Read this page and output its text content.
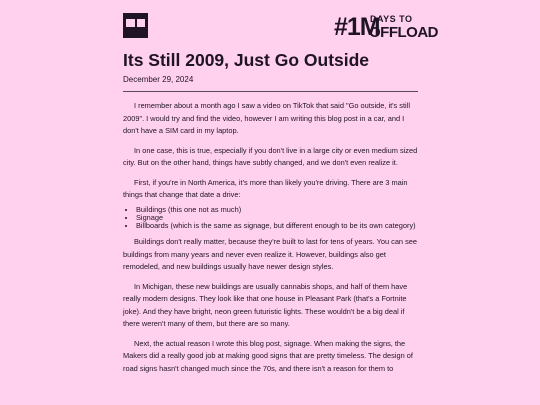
#1M
DAYS TO
OFFLOAD
Its Still 2009, Just Go Outside
December 29, 2024

I remember about a month ago I saw a video on TikTok that said "Go outside, it's still 2009". I would try and find the video, however I am writing this blog post in a car, and I don't have a SIM card in my laptop.

In one case, this is true, especially if you don't live in a large city or even medium sized city. But on the other hand, things have subtly changed, and we don't even realize it.

First, if you're in North America, it's more than likely you're driving. There are 3 main things that change that date a drive:

• Buildings (this one not as much)
• Signage
• Billboards (which is the same as signage, but different enough to be its own category)

Buildings don't really matter, because they're built to last for tens of years. You can see buildings from many years and never even realize it. However, buildings also get remodeled, and new buildings usually have newer design styles.

In Michigan, these new buildings are usually cannabis shops, and half of them have really modern designs. They look like that one house in Pleasant Park (that's a Fortnite joke). And they have bright, neon green futuristic lights. These wouldn't be a big deal if there weren't many of them, but there are so many.

Next, the actual reason I wrote this blog post, signage. When making the signs, the Makers did a really good job at making good signs that are pretty timeless. The design of road signs hasn't changed much since the 70s, and there isn't a reason for them to
